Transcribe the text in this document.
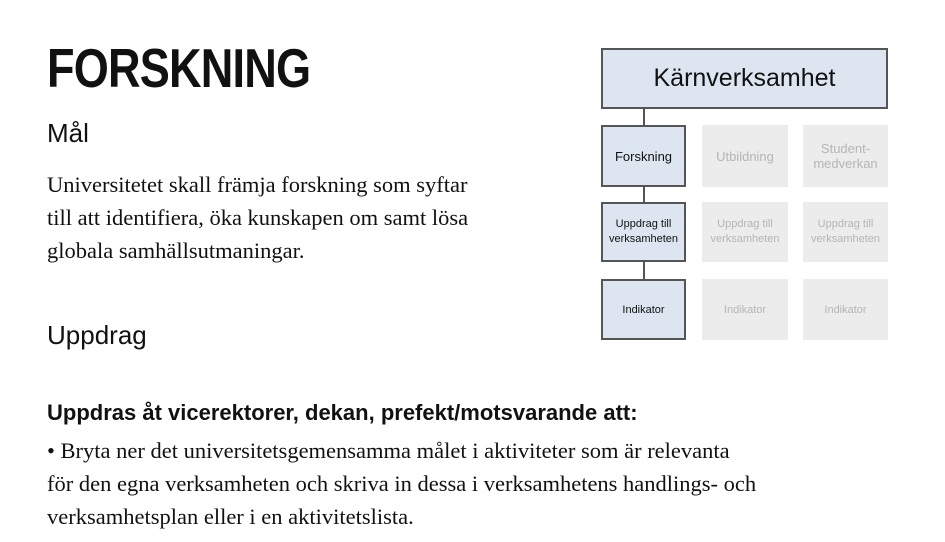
FORSKNING
Mål
Universitetet skall främja forskning som syftar
till att identifiera, öka kunskapen om samt lösa
globala samhällsutmaningar.
Uppdrag
Uppdras åt vicerektorer, dekan, prefekt/motsvarande att:
• Bryta ner det universitetsgemensamma målet i aktiviteter som är relevanta
för den egna verksamheten och skriva in dessa i verksamhetens handlings- och
verksamhetsplan eller i en aktivitetslista.
Kärnverksamhet
Forskning
Uppdrag till
verksamheten
Indikator
Utbildning
Uppdrag till
verksamheten
Indikator
Student-
medverkan
Uppdrag till
verksamheten
Indikator
